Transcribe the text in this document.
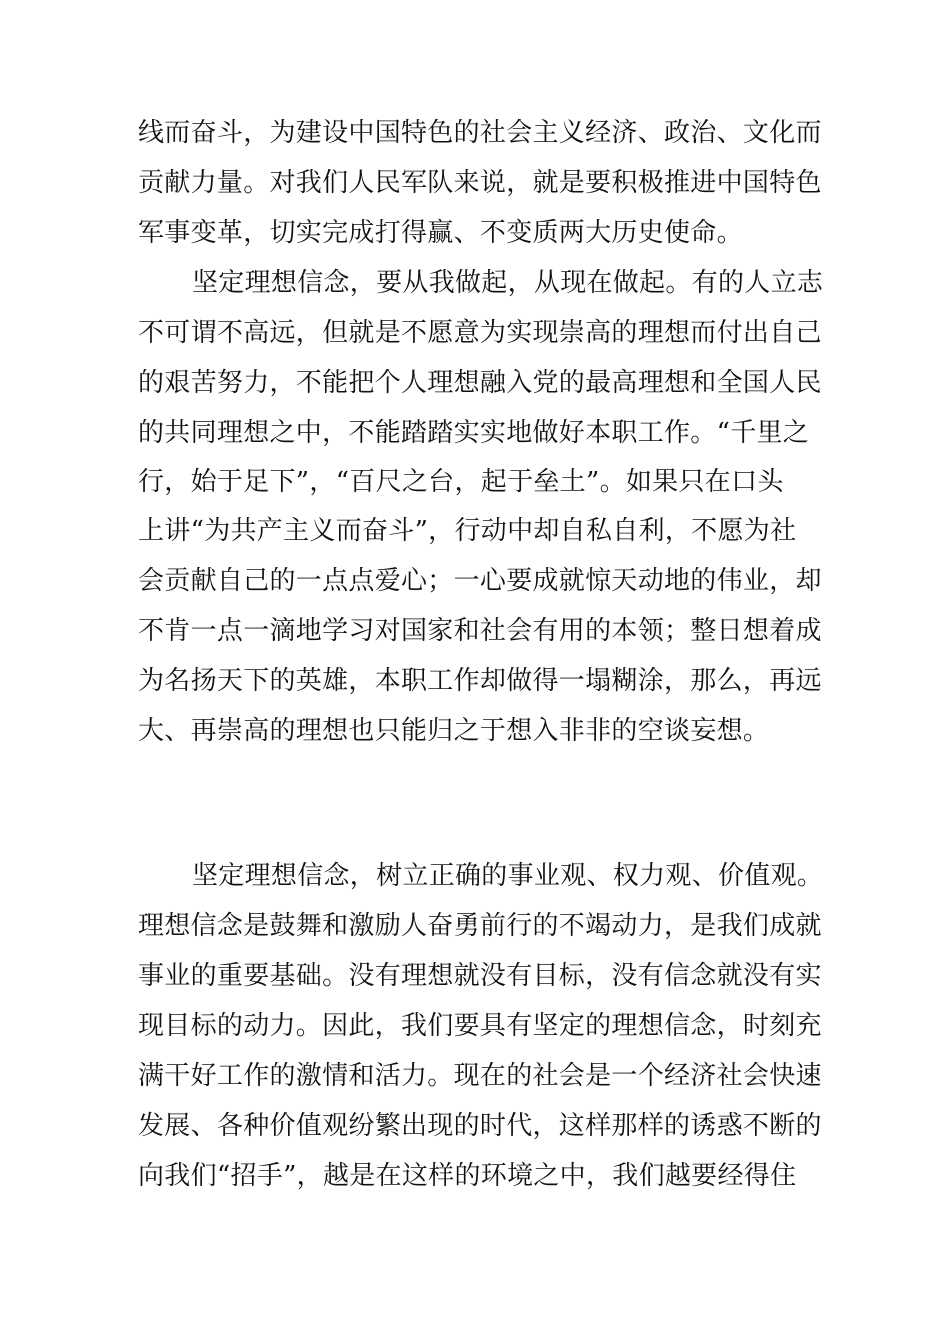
线而奋斗，为建设中国特色的社会主义经济、政治、文化而
贡献力量。对我们人民军队来说，就是要积极推进中国特色
军事变革，切实完成打得赢、不变质两大历史使命。
坚定理想信念，要从我做起，从现在做起。有的人立志
不可谓不高远，但就是不愿意为实现崇高的理想而付出自己
的艰苦努力，不能把个人理想融入党的最高理想和全国人民
的共同理想之中，不能踏踏实实地做好本职工作。“千里之
行，始于足下”，“百尺之台，起于垒土”。如果只在口头
上讲“为共产主义而奋斗”，行动中却自私自利，不愿为社
会贡献自己的一点点爱心；一心要成就惊天动地的伟业，却
不肯一点一滴地学习对国家和社会有用的本领；整日想着成
为名扬天下的英雄，本职工作却做得一塌糊涂，那么，再远
大、再崇高的理想也只能归之于想入非非的空谈妄想。
坚定理想信念，树立正确的事业观、权力观、价值观。
理想信念是鼓舞和激励人奋勇前行的不竭动力，是我们成就
事业的重要基础。没有理想就没有目标，没有信念就没有实
现目标的动力。因此，我们要具有坚定的理想信念，时刻充
满干好工作的激情和活力。现在的社会是一个经济社会快速
发展、各种价值观纷繁出现的时代，这样那样的诱惑不断的
向我们“招手”，越是在这样的环境之中，我们越要经得住
